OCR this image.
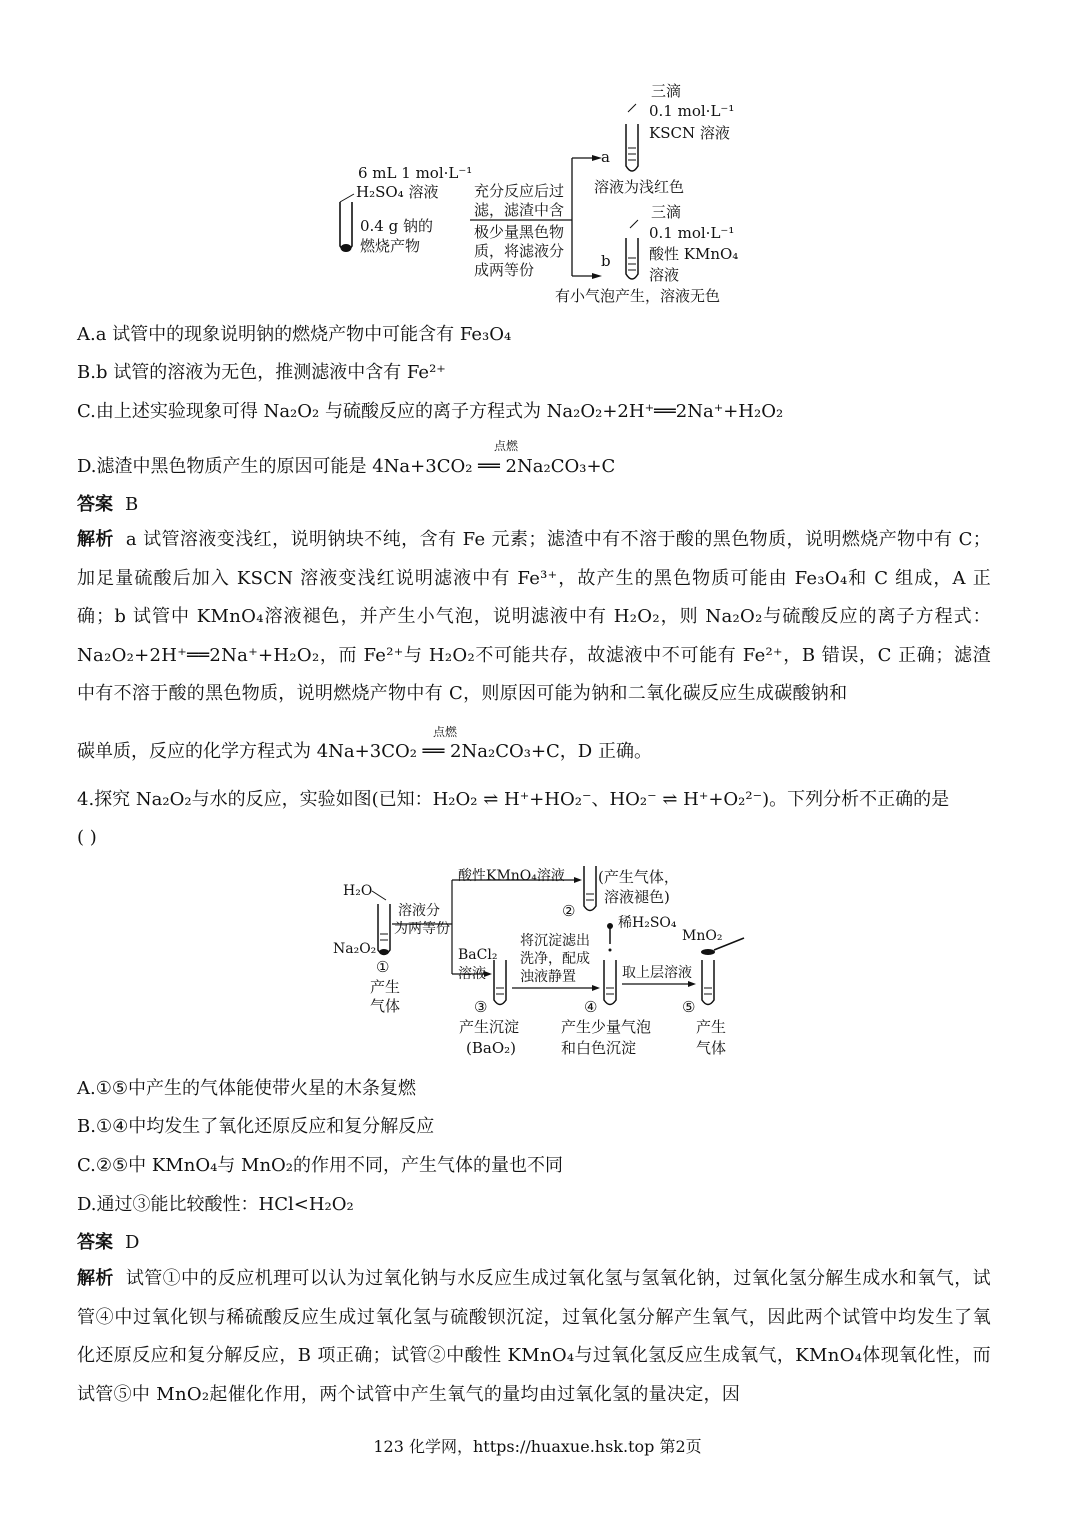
6 mL 1 mol·L⁻¹
H₂SO₄ 溶液
0.4 g 钠的
燃烧产物
充分反应后过
滤，滤渣中含
极少量黑色物
质，将滤液分
成两等份
a
三滴
0.1 mol·L⁻¹
KSCN 溶液
溶液为浅红色
b
三滴
0.1 mol·L⁻¹
酸性 KMnO₄
溶液
有小气泡产生，溶液无色
A.a 试管中的现象说明钠的燃烧产物中可能含有 Fe₃O₄
B.b 试管的溶液为无色，推测滤液中含有 Fe²⁺
C.由上述实验现象可得 Na₂O₂ 与硫酸反应的离子方程式为 Na₂O₂+2H⁺══2Na⁺+H₂O₂
点燃
D.滤渣中黑色物质产生的原因可能是 4Na+3CO₂ ══ 2Na₂CO₃+C
答案 B
解析 a 试管溶液变浅红，说明钠块不纯，含有 Fe 元素；滤渣中有不溶于酸的黑色物质，说明燃烧产物中有 C；加足量硫酸后加入 KSCN 溶液变浅红说明滤液中有 Fe³⁺，故产生的黑色物质可能由 Fe₃O₄和 C 组成，A 正确；b 试管中 KMnO₄溶液褪色，并产生小气泡，说明滤液中有 H₂O₂，则 Na₂O₂与硫酸反应的离子方程式：Na₂O₂+2H⁺══2Na⁺+H₂O₂，而 Fe²⁺与 H₂O₂不可能共存，故滤液中不可能有 Fe²⁺，B 错误，C 正确；滤渣中有不溶于酸的黑色物质，说明燃烧产物中有 C，则原因可能为钠和二氧化碳反应生成碳酸钠和
点燃
碳单质，反应的化学方程式为 4Na+3CO₂ ══ 2Na₂CO₃+C，D 正确。
4.探究 Na₂O₂与水的反应，实验如图(已知：H₂O₂ ⇌ H⁺+HO₂⁻、HO₂⁻ ⇌ H⁺+O₂²⁻)。下列分析不正确的是
( )
H₂O
Na₂O₂
①
产生
气体
溶液分
为两等份
酸性KMnO₄溶液
②
(产生气体，
溶液褪色)
BaCl₂
溶液
③
产生沉淀
(BaO₂)
将沉淀滤出
洗净，配成
浊液静置
稀H₂SO₄
④
产生少量气泡
和白色沉淀
取上层溶液
MnO₂
⑤
产生
气体
A.①⑤中产生的气体能使带火星的木条复燃
B.①④中均发生了氧化还原反应和复分解反应
C.②⑤中 KMnO₄与 MnO₂的作用不同，产生气体的量也不同
D.通过③能比较酸性：HCl<H₂O₂
答案 D
解析 试管①中的反应机理可以认为过氧化钠与水反应生成过氧化氢与氢氧化钠，过氧化氢分解生成水和氧气，试管④中过氧化钡与稀硫酸反应生成过氧化氢与硫酸钡沉淀，过氧化氢分解产生氧气，因此两个试管中均发生了氧化还原反应和复分解反应，B 项正确；试管②中酸性 KMnO₄与过氧化氢反应生成氧气，KMnO₄体现氧化性，而试管⑤中 MnO₂起催化作用，两个试管中产生氧气的量均由过氧化氢的量决定，因
123 化学网，https://huaxue.hsk.top 第2页
